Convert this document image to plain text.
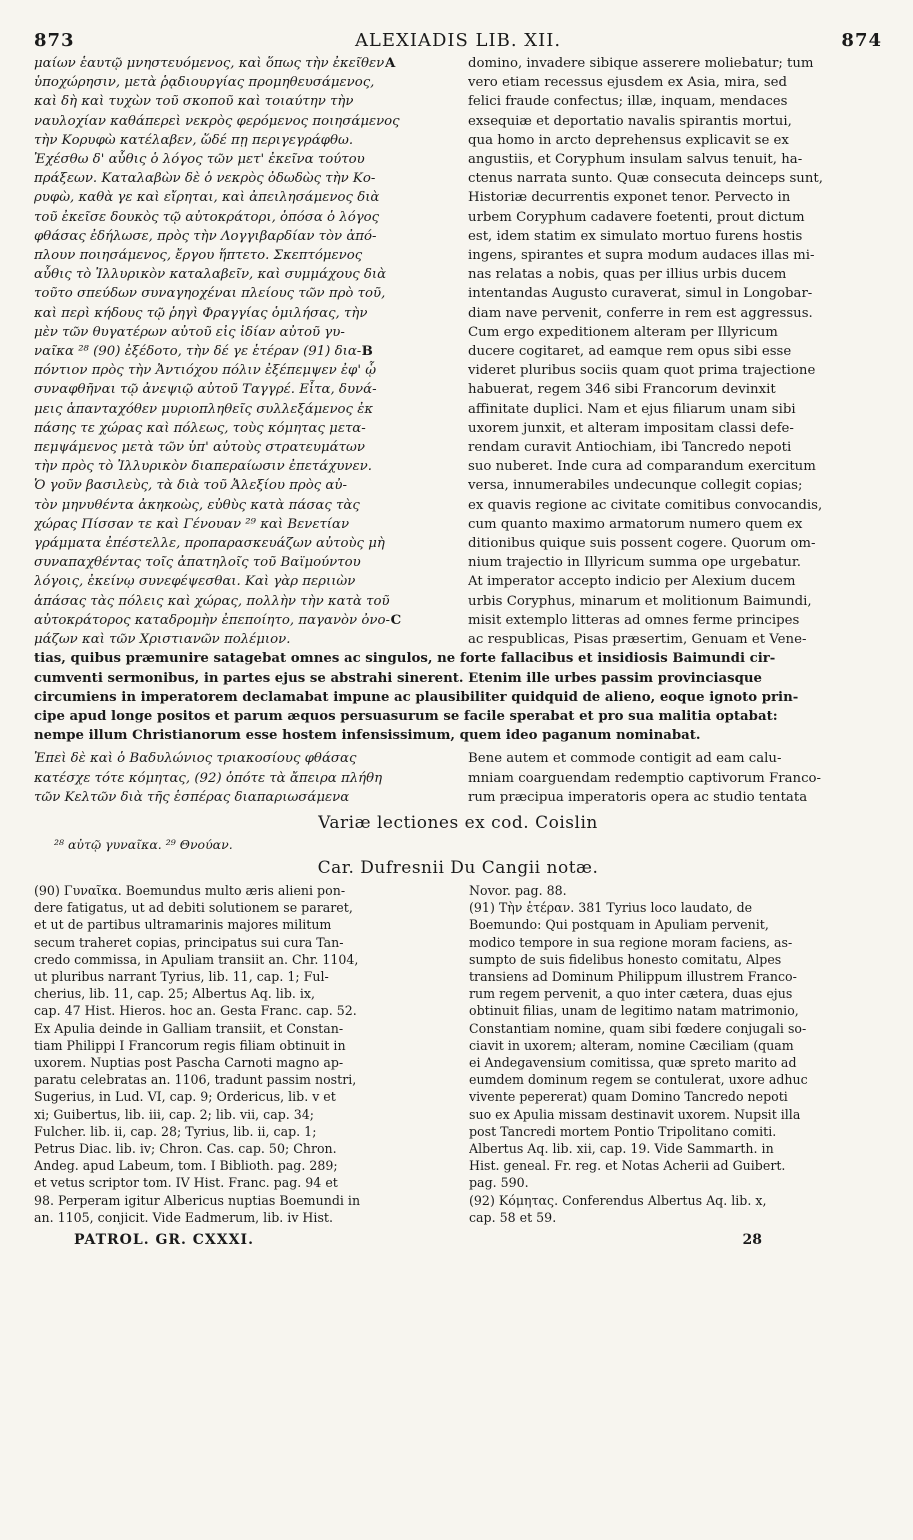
873	ALEXIADIS LIB. XII.	874
μαίων ἑαυτῷ μνηστευόμενος, καὶ ὅπως τὴν ἐκεῖθενA
ὑποχώρησιν, μετὰ ῥᾳδιουργίας προμηθευσάμενος,
καὶ δὴ καὶ τυχὼν τοῦ σκοποῦ καὶ τοιαύτην τὴν
ναυλοχίαν καθάπερεὶ νεκρὸς φερόμενος ποιησάμενος
τὴν Κορυφὼ κατέλαβεν, ὥδέ πῃ περιγεγράφθω.
Ἐχέσθω δ' αὖθις ὁ λόγος τῶν μετ' ἐκεῖνα τούτου
πράξεων. Καταλαβὼν δὲ ὁ νεκρὸς ὀδωδὼς τὴν Κο-
ρυφὼ, καθὰ γε καὶ εἴρηται, καὶ ἀπειλησάμενος διὰ
τοῦ ἐκεῖσε δουκὸς τῷ αὐτοκράτορι, ὁπόσα ὁ λόγος
φθάσας ἐδήλωσε, πρὸς τὴν Λογγιβαρδίαν τὸν ἀπό-
πλουν ποιησάμενος, ἔργου ἥπτετο. Σκεπτόμενος
αὖθις τὸ Ἰλλυρικὸν καταλαβεῖν, καὶ συμμάχους διὰ
τοῦτο σπεύδων συναγηοχέναι πλείους τῶν πρὸ τοῦ,
καὶ περὶ κήδους τῷ ῥηγὶ Φραγγίας ὁμιλήσας, τὴν
μὲν τῶν θυγατέρων αὐτοῦ εἰς ἰδίαν αὐτοῦ γυ-
ναῖκα ²⁸ (90) ἐξέδοτο, τὴν δέ γε ἑτέραν (91) δια-B
πόντιον πρὸς τὴν Ἀντιόχου πόλιν ἐξέπεμψεν ἐφ' ᾧ
συναφθῆναι τῷ ἀνεψιῷ αὐτοῦ Ταγγρέ. Εἶτα, δυνά-
μεις ἁπανταχόθεν μυριοπληθεῖς συλλεξάμενος ἐκ
πάσης τε χώρας καὶ πόλεως, τοὺς κόμητας μετα-
πεμψάμενος μετὰ τῶν ὑπ' αὐτοὺς στρατευμάτων
τὴν πρὸς τὸ Ἰλλυρικὸν διαπεραίωσιν ἐπετάχυνεν.
Ὁ γοῦν βασιλεὺς, τὰ διὰ τοῦ Ἀλεξίου πρὸς αὐ-
τὸν μηνυθέντα ἀκηκοὼς, εὐθὺς κατὰ πάσας τὰς
χώρας Πίσσαν τε καὶ Γένουαν ²⁹ καὶ Βενετίαν
γράμματα ἐπέστελλε, προπαρασκευάζων αὐτοὺς μὴ
συναπαχθέντας τοῖς ἀπατηλοῖς τοῦ Βαϊμούντου
λόγοις, ἐκείνῳ συνεφέψεσθαι. Καὶ γὰρ περιιὼν
ἁπάσας τὰς πόλεις καὶ χώρας, πολλὴν τὴν κατὰ τοῦ
αὐτοκράτορος καταδρομὴν ἐπεποίητο, παγανὸν ὀνο-C
μάζων καὶ τῶν Χριστιανῶν πολέμιον.
domino, invadere sibique asserere moliebatur; tum
vero etiam recessus ejusdem ex Asia, mira, sed
felici fraude confectus; illæ, inquam, mendaces
exsequiæ et deportatio navalis spirantis mortui,
qua homo in arcto deprehensus explicavit se ex
angustiis, et Coryphum insulam salvus tenuit, ha-
ctenus narrata sunto. Quæ consecuta deinceps sunt,
Historiæ decurrentis exponet tenor. Pervecto in
urbem Coryphum cadavere foetenti, prout dictum
est, idem statim ex simulato mortuo furens hostis
ingens, spirantes et supra modum audaces illas mi-
nas relatas a nobis, quas per illius urbis ducem
intentandas Augusto curaverat, simul in Longobar-
diam nave pervenit, conferre in rem est aggressus.
Cum ergo expeditionem alteram per Illyricum
ducere cogitaret, ad eamque rem opus sibi esse
videret pluribus sociis quam quot prima trajectione
habuerat, regem 346 sibi Francorum devinxit
affinitate duplici. Nam et ejus filiarum unam sibi
uxorem junxit, et alteram impositam classi defe-
rendam curavit Antiochiam, ibi Tancredo nepoti
suo nuberet. Inde cura ad comparandum exercitum
versa, innumerabiles undecunque collegit copias;
ex quavis regione ac civitate comitibus convocandis,
cum quanto maximo armatorum numero quem ex
ditionibus quique suis possent cogere. Quorum om-
nium trajectio in Illyricum summa ope urgebatur.
At imperator accepto indicio per Alexium ducem
urbis Coryphus, minarum et molitionum Baimundi,
misit extemplo litteras ad omnes ferme principes
ac respublicas, Pisas præsertim, Genuam et Vene-
tias, quibus præmunire satagebat omnes ac singulos, ne forte fallacibus et insidiosis Baimundi cir-
cumventi sermonibus, in partes ejus se abstrahi sinerent. Etenim ille urbes passim provinciasque
circumiens in imperatorem declamabat impune ac plausibiliter quidquid de alieno, eoque ignoto prin-
cipe apud longe positos et parum æquos persuasurum se facile sperabat et pro sua malitia optabat:
nempe illum Christianorum esse hostem infensissimum, quem ideo paganum nominabat.
Ἐπεὶ δὲ καὶ ὁ Βαδυλώνιος τριακοσίους φθάσας
κατέσχε τότε κόμητας, (92) ὁπότε τὰ ἄπειρα πλήθη
τῶν Κελτῶν διὰ τῆς ἑσπέρας διαπαριωσάμενα
Bene autem et commode contigit ad eam calu-
mniam coarguendam redemptio captivorum Franco-
rum præcipua imperatoris opera ac studio tentata
Variæ lectiones ex cod. Coislin
²⁸ αὐτῷ γυναῖκα. ²⁹ Θνούαν.
Car. Dufresnii Du Cangii notæ.
(90) Γυναῖκα. Boemundus multo æris alieni pon-
dere fatigatus, ut ad debiti solutionem se pararet,
et ut de partibus ultramarinis majores militum
secum traheret copias, principatus sui cura Tan-
credo commissa, in Apuliam transiit an. Chr. 1104,
ut pluribus narrant Tyrius, lib. 11, cap. 1; Ful-
cherius, lib. 11, cap. 25; Albertus Aq. lib. ix,
cap. 47 Hist. Hieros. hoc an. Gesta Franc. cap. 52.
Ex Apulia deinde in Galliam transiit, et Constan-
tiam Philippi I Francorum regis filiam obtinuit in
uxorem. Nuptias post Pascha Carnoti magno ap-
paratu celebratas an. 1106, tradunt passim nostri,
Sugerius, in Lud. VI, cap. 9; Ordericus, lib. v et
xi; Guibertus, lib. iii, cap. 2; lib. vii, cap. 34;
Fulcher. lib. ii, cap. 28; Tyrius, lib. ii, cap. 1;
Petrus Diac. lib. iv; Chron. Cas. cap. 50; Chron.
Andeg. apud Labeum, tom. I Biblioth. pag. 289;
et vetus scriptor tom. IV Hist. Franc. pag. 94 et
98. Perperam igitur Albericus nuptias Boemundi in
an. 1105, conjicit. Vide Eadmerum, lib. iv Hist.
Novor. pag. 88.
(91) Τὴν ἑτέραν. 381 Tyrius loco laudato, de
Boemundo: Qui postquam in Apuliam pervenit,
modico tempore in sua regione moram faciens, as-
sumpto de suis fidelibus honesto comitatu, Alpes
transiens ad Dominum Philippum illustrem Franco-
rum regem pervenit, a quo inter cætera, duas ejus
obtinuit filias, unam de legitimo natam matrimonio,
Constantiam nomine, quam sibi fœdere conjugali so-
ciavit in uxorem; alteram, nomine Cæciliam (quam
ei Andegavensium comitissa, quæ spreto marito ad
eumdem dominum regem se contulerat, uxore adhuc
vivente pepererat) quam Domino Tancredo nepoti
suo ex Apulia missam destinavit uxorem. Nupsit illa
post Tancredi mortem Pontio Tripolitano comiti.
Albertus Aq. lib. xii, cap. 19. Vide Sammarth. in
Hist. geneal. Fr. reg. et Notas Acherii ad Guibert.
pag. 590.
(92) Κόμητας. Conferendus Albertus Aq. lib. x,
cap. 58 et 59.
PATROL. GR. CXXXI.	28
